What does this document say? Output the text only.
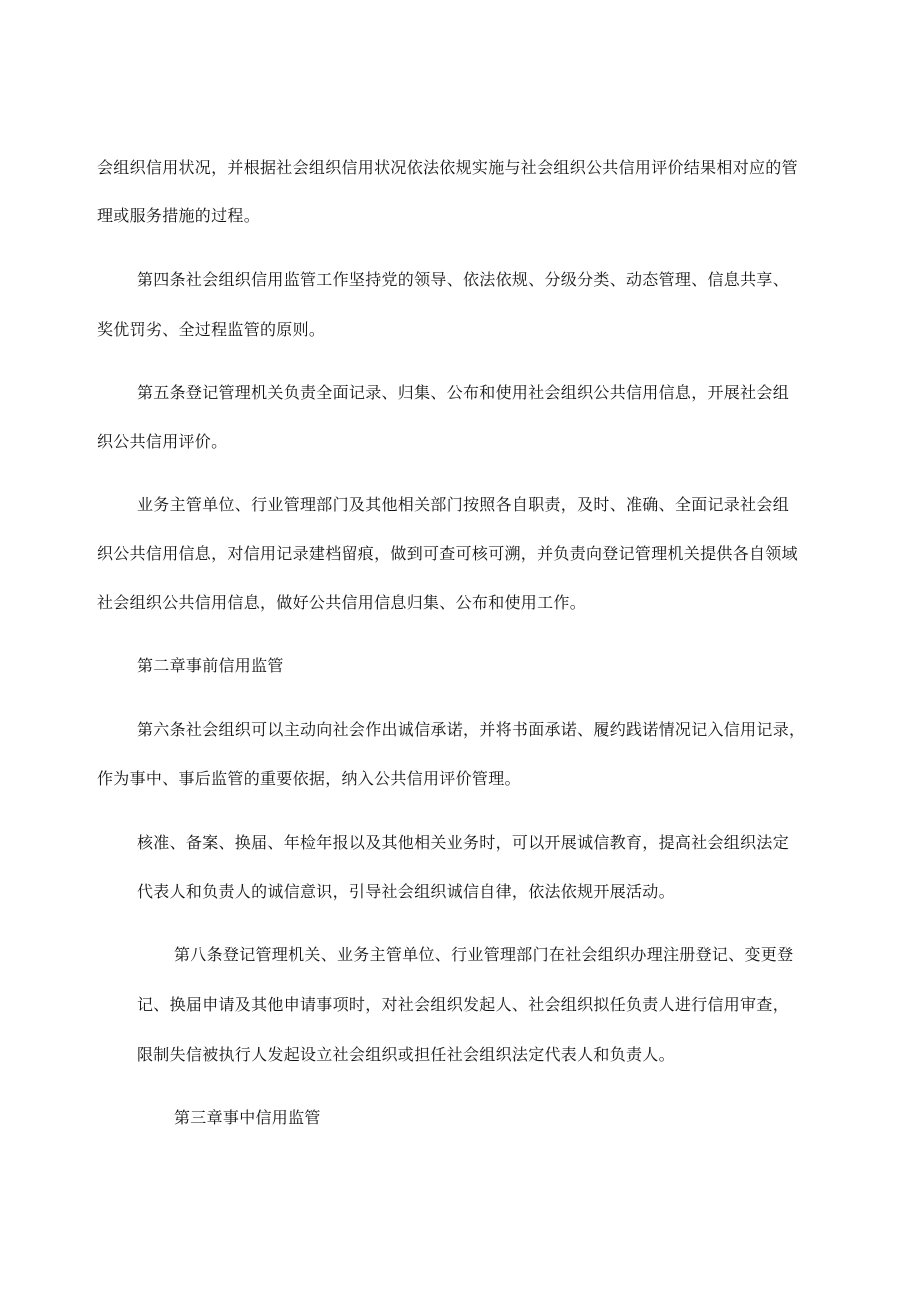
会组织信用状况，并根据社会组织信用状况依法依规实施与社会组织公共信用评价结果相对应的管
理或服务措施的过程。
第四条社会组织信用监管工作坚持党的领导、依法依规、分级分类、动态管理、信息共享、
奖优罚劣、全过程监管的原则。
第五条登记管理机关负责全面记录、归集、公布和使用社会组织公共信用信息，开展社会组
织公共信用评价。
业务主管单位、行业管理部门及其他相关部门按照各自职责，及时、准确、全面记录社会组
织公共信用信息，对信用记录建档留痕，做到可查可核可溯，并负责向登记管理机关提供各自领域
社会组织公共信用信息，做好公共信用信息归集、公布和使用工作。
第二章事前信用监管
第六条社会组织可以主动向社会作出诚信承诺，并将书面承诺、履约践诺情况记入信用记录，
作为事中、事后监管的重要依据，纳入公共信用评价管理。
核准、备案、换届、年检年报以及其他相关业务时，可以开展诚信教育，提高社会组织法定
代表人和负责人的诚信意识，引导社会组织诚信自律，依法依规开展活动。
第八条登记管理机关、业务主管单位、行业管理部门在社会组织办理注册登记、变更登
记、换届申请及其他申请事项时，对社会组织发起人、社会组织拟任负责人进行信用审查，
限制失信被执行人发起设立社会组织或担任社会组织法定代表人和负责人。
第三章事中信用监管
